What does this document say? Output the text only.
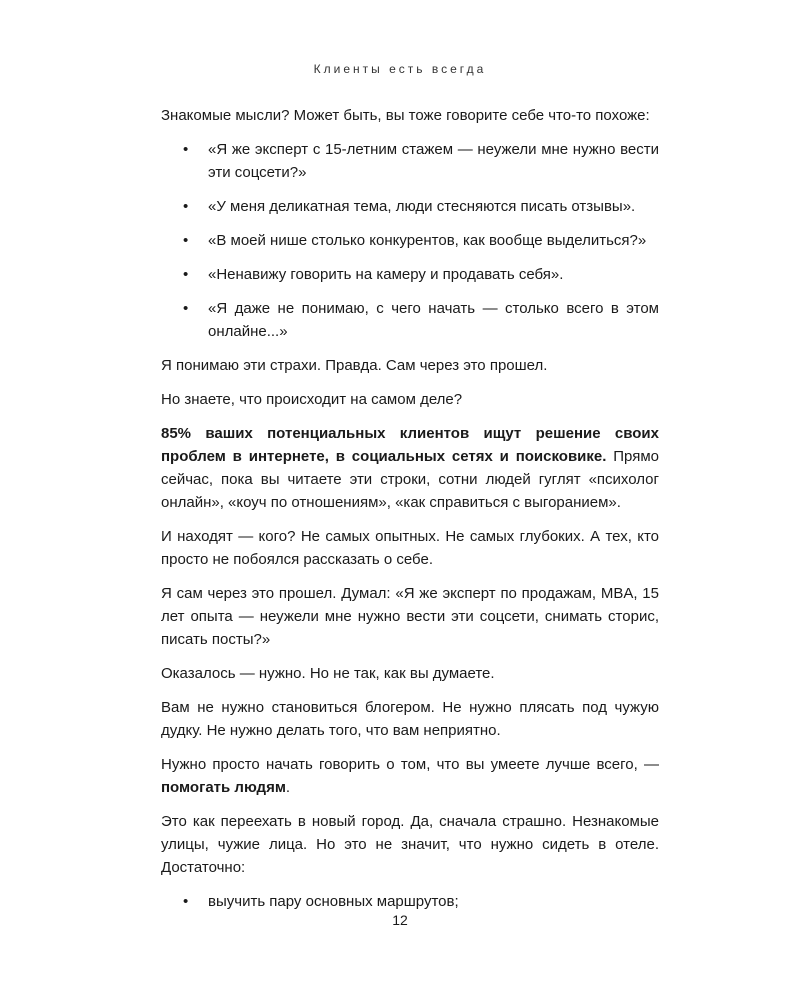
Клиенты есть всегда

Знакомые мысли? Может быть, вы тоже говорите себе что-то похоже:

• «Я же эксперт с 15-летним стажем — неужели мне нужно вести эти соцсети?»
• «У меня деликатная тема, люди стесняются писать отзывы».
• «В моей нише столько конкурентов, как вообще выделиться?»
• «Ненавижу говорить на камеру и продавать себя».
• «Я даже не понимаю, с чего начать — столько всего в этом онлайне...»

Я понимаю эти страхи. Правда. Сам через это прошел.

Но знаете, что происходит на самом деле?

85% ваших потенциальных клиентов ищут решение своих проблем в интернете, в социальных сетях и поисковике. Прямо сейчас, пока вы читаете эти строки, сотни людей гуглят «психолог онлайн», «коуч по отношениям», «как справиться с выгоранием».

И находят — кого? Не самых опытных. Не самых глубоких. А тех, кто просто не побоялся рассказать о себе.

Я сам через это прошел. Думал: «Я же эксперт по продажам, MBA, 15 лет опыта — неужели мне нужно вести эти соцсети, снимать сторис, писать посты?»

Оказалось — нужно. Но не так, как вы думаете.

Вам не нужно становиться блогером. Не нужно плясать под чужую дудку. Не нужно делать того, что вам неприятно.

Нужно просто начать говорить о том, что вы умеете лучше всего, — помогать людям.

Это как переехать в новый город. Да, сначала страшно. Незнакомые улицы, чужие лица. Но это не значит, что нужно сидеть в отеле. Достаточно:

• выучить пару основных маршрутов;
12
